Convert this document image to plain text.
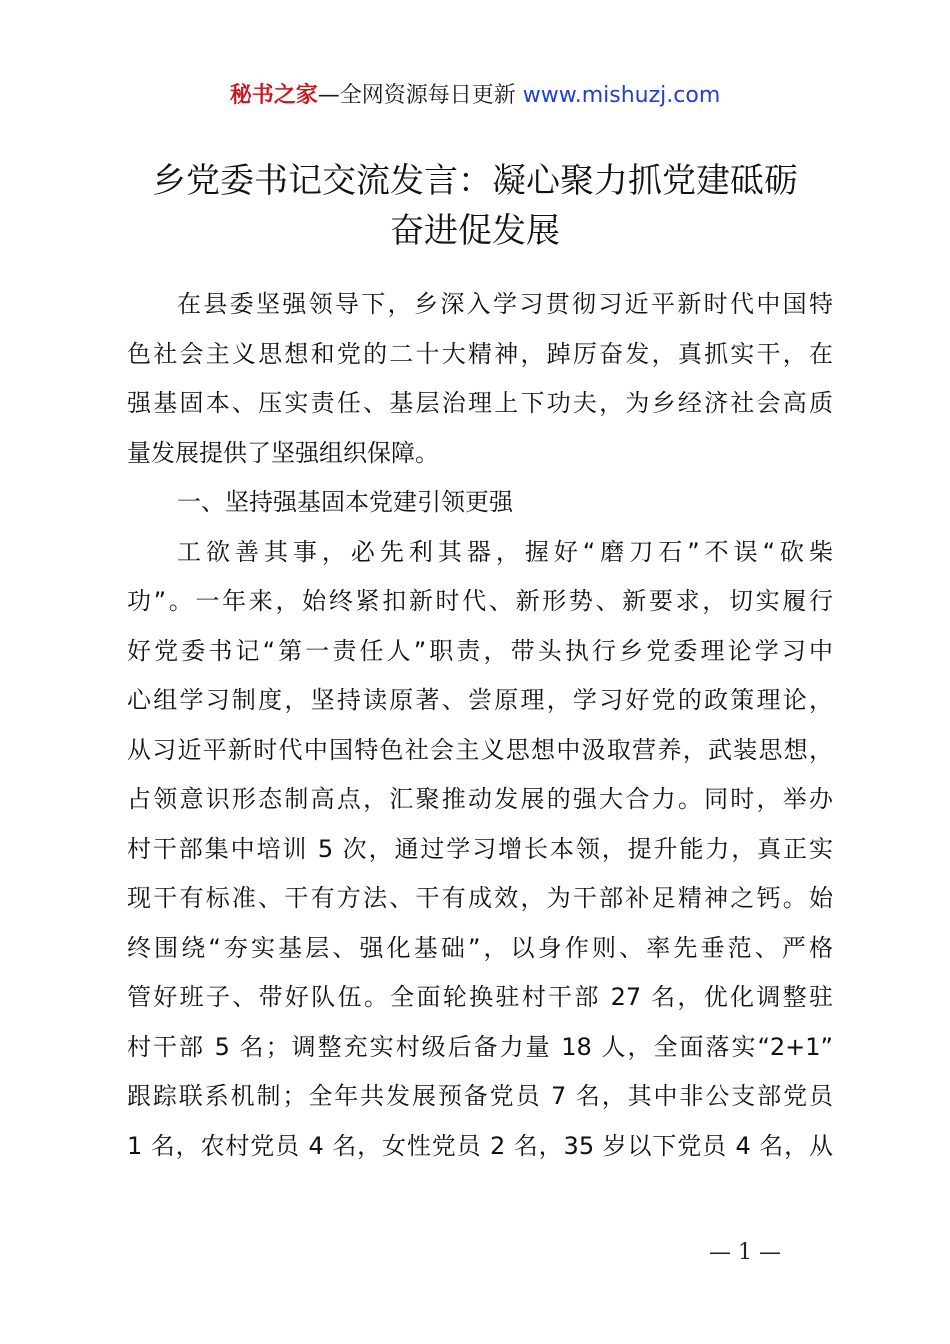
秘书之家—全网资源每日更新 www.mishuzj.com
乡党委书记交流发言：凝心聚力抓党建砥砺
奋进促发展
在县委坚强领导下，乡深入学习贯彻习近平新时代中国特
色社会主义思想和党的二十大精神，踔厉奋发，真抓实干，在
强基固本、压实责任、基层治理上下功夫，为乡经济社会高质
量发展提供了坚强组织保障。
一、坚持强基固本党建引领更强
工欲善其事，必先利其器，握好“磨刀石”不误“砍柴
功”。一年来，始终紧扣新时代、新形势、新要求，切实履行
好党委书记“第一责任人”职责，带头执行乡党委理论学习中
心组学习制度，坚持读原著、尝原理，学习好党的政策理论，
从习近平新时代中国特色社会主义思想中汲取营养，武装思想，
占领意识形态制高点，汇聚推动发展的强大合力。同时，举办
村干部集中培训 5 次，通过学习增长本领，提升能力，真正实
现干有标准、干有方法、干有成效，为干部补足精神之钙。始
终围绕“夯实基层、强化基础”，以身作则、率先垂范、严格
管好班子、带好队伍。全面轮换驻村干部 27 名，优化调整驻
村干部 5 名；调整充实村级后备力量 18 人，全面落实“2+1”
跟踪联系机制；全年共发展预备党员 7 名，其中非公支部党员
1 名，农村党员 4 名，女性党员 2 名，35 岁以下党员 4 名，从
— 1 —
